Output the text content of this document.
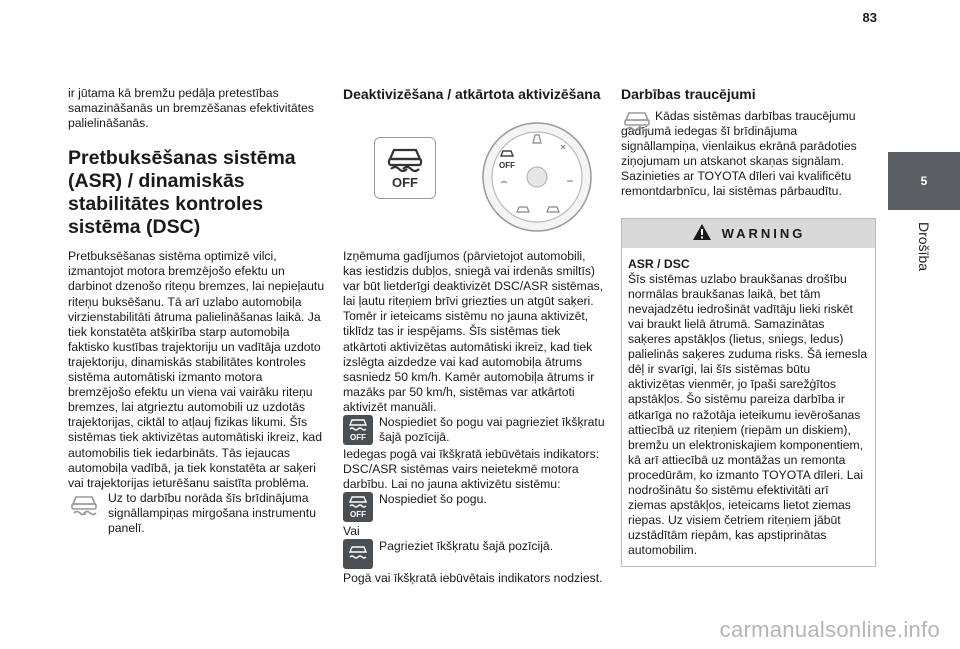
83
5
Drošība

ir jūtama kā bremžu pedāļa pretestības samazināšanās un bremzēšanas efektivitātes palielināšanās.

Pretbuksēšanas sistēma (ASR) / dinamiskās stabilitātes kontroles sistēma (DSC)

Pretbuksēšanas sistēma optimizē vilci, izmantojot motora bremzējošo efektu un darbinot dzenošo riteņu bremzes, lai nepieļautu riteņu buksēšanu. Tā arī uzlabo automobiļa virzienstabilitāti ātruma palielināšanas laikā. Ja tiek konstatēta atšķirība starp automobiļa faktisko kustības trajektoriju un vadītāja uzdoto trajektoriju, dinamiskās stabilitātes kontroles sistēma automātiski izmanto motora bremzējošo efektu un viena vai vairāku riteņu bremzes, lai atgrieztu automobili uz uzdotās trajektorijas, ciktāl to atļauj fizikas likumi. Šīs sistēmas tiek aktivizētas automātiski ikreiz, kad automobilis tiek iedarbināts. Tās iejaucas automobiļa vadībā, ja tiek konstatēta ar saķeri vai trajektorijas ieturēšanu saistīta problēma.

Uz to darbību norāda šīs brīdinājuma signāllampiņas mirgošana instrumentu panelī.
Deaktivizēšana / atkārtota aktivizēšana
OFF
OFF

Izņēmuma gadījumos (pārvietojot automobili, kas iestidzis dubļos, sniegā vai irdenās smiltīs) var būt lietderīgi deaktivizēt DSC/ASR sistēmas, lai ļautu riteņiem brīvi griezties un atgūt saķeri. Tomēr ir ieteicams sistēmu no jauna aktivizēt, tiklīdz tas ir iespējams. Šīs sistēmas tiek atkārtoti aktivizētas automātiski ikreiz, kad tiek izslēgta aizdedze vai kad automobiļa ātrums sasniedz 50 km/h. Kamēr automobiļa ātrums ir mazāks par 50 km/h, sistēmas var atkārtoti aktivizēt manuāli.

OFF
Nospiediet šo pogu vai pagrieziet īkšķratu šajā pozīcijā.

Iedegas pogā vai īkšķratā iebūvētais indikators: DSC/ASR sistēmas vairs neietekmē motora darbību. Lai no jauna aktivizētu sistēmu:

OFF
Nospiediet šo pogu.

Vai

Pagrieziet īkšķratu šajā pozīcijā.

Pogā vai īkšķratā iebūvētais indikators nodziest.

Darbības traucējumi

Kādas sistēmas darbības traucējumu gadījumā iedegas šī brīdinājuma signāllampiņa, vienlaikus ekrānā parādoties ziņojumam un atskanot skaņas signālam. Sazinieties ar TOYOTA dīleri vai kvalificētu remontdarbnīcu, lai sistēmas pārbaudītu.

WARNING

ASR / DSC

Šīs sistēmas uzlabo braukšanas drošību normālas braukšanas laikā, bet tām nevajadzētu iedrošināt vadītāju lieki riskēt vai braukt lielā ātrumā. Samazinātas saķeres apstākļos (lietus, sniegs, ledus) palielinās saķeres zuduma risks. Šā iemesla dēļ ir svarīgi, lai šīs sistēmas būtu aktivizētas vienmēr, jo īpaši sarežģītos apstākļos. Šo sistēmu pareiza darbība ir atkarīga no ražotāja ieteikumu ievērošanas attiecībā uz riteņiem (riepām un diskiem), bremžu un elektroniskajiem komponentiem, kā arī attiecībā uz montāžas un remonta procedūrām, ko izmanto TOYOTA dīleri. Lai nodrošinātu šo sistēmu efektivitāti arī ziemas apstākļos, ieteicams lietot ziemas riepas. Uz visiem četriem riteņiem jābūt uzstādītām riepām, kas apstiprinātas automobilim.

carmanualsonline.info
